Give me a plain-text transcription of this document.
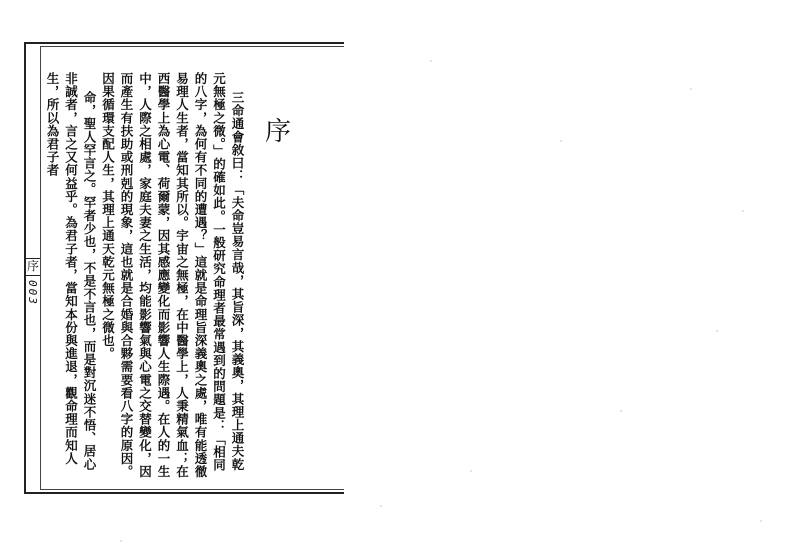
序
003
序

三命通會敘曰：「夫命豈易言哉，其旨深，其義奧，其理上通夫乾元無極之微。」的確如此。一般研究命理者最常遇到的問題是：「相同的八字，為何有不同的遭遇？」這就是命理旨深義奧之處，唯有能透徹易理人生者，當知其所以。宇宙之無極，在中醫學上，人秉精氣血；在西醫學上為心電、荷爾蒙，因其感應變化而影響人生際遇。在人的一生中，人際之相處，家庭夫妻之生活，均能影響氣與心電之交替變化，因而產生有扶助或刑剋的現象，這也就是合婚與合夥需要看八字的原因。因果循環支配人生，其理上通天乾元無極之微也。

命，聖人罕言之。罕者少也，不是不言也，而是對沉迷不悟、居心非誠者，言之又何益乎。為君子者，當知本份與進退，觀命理而知人生，所以為君子者
